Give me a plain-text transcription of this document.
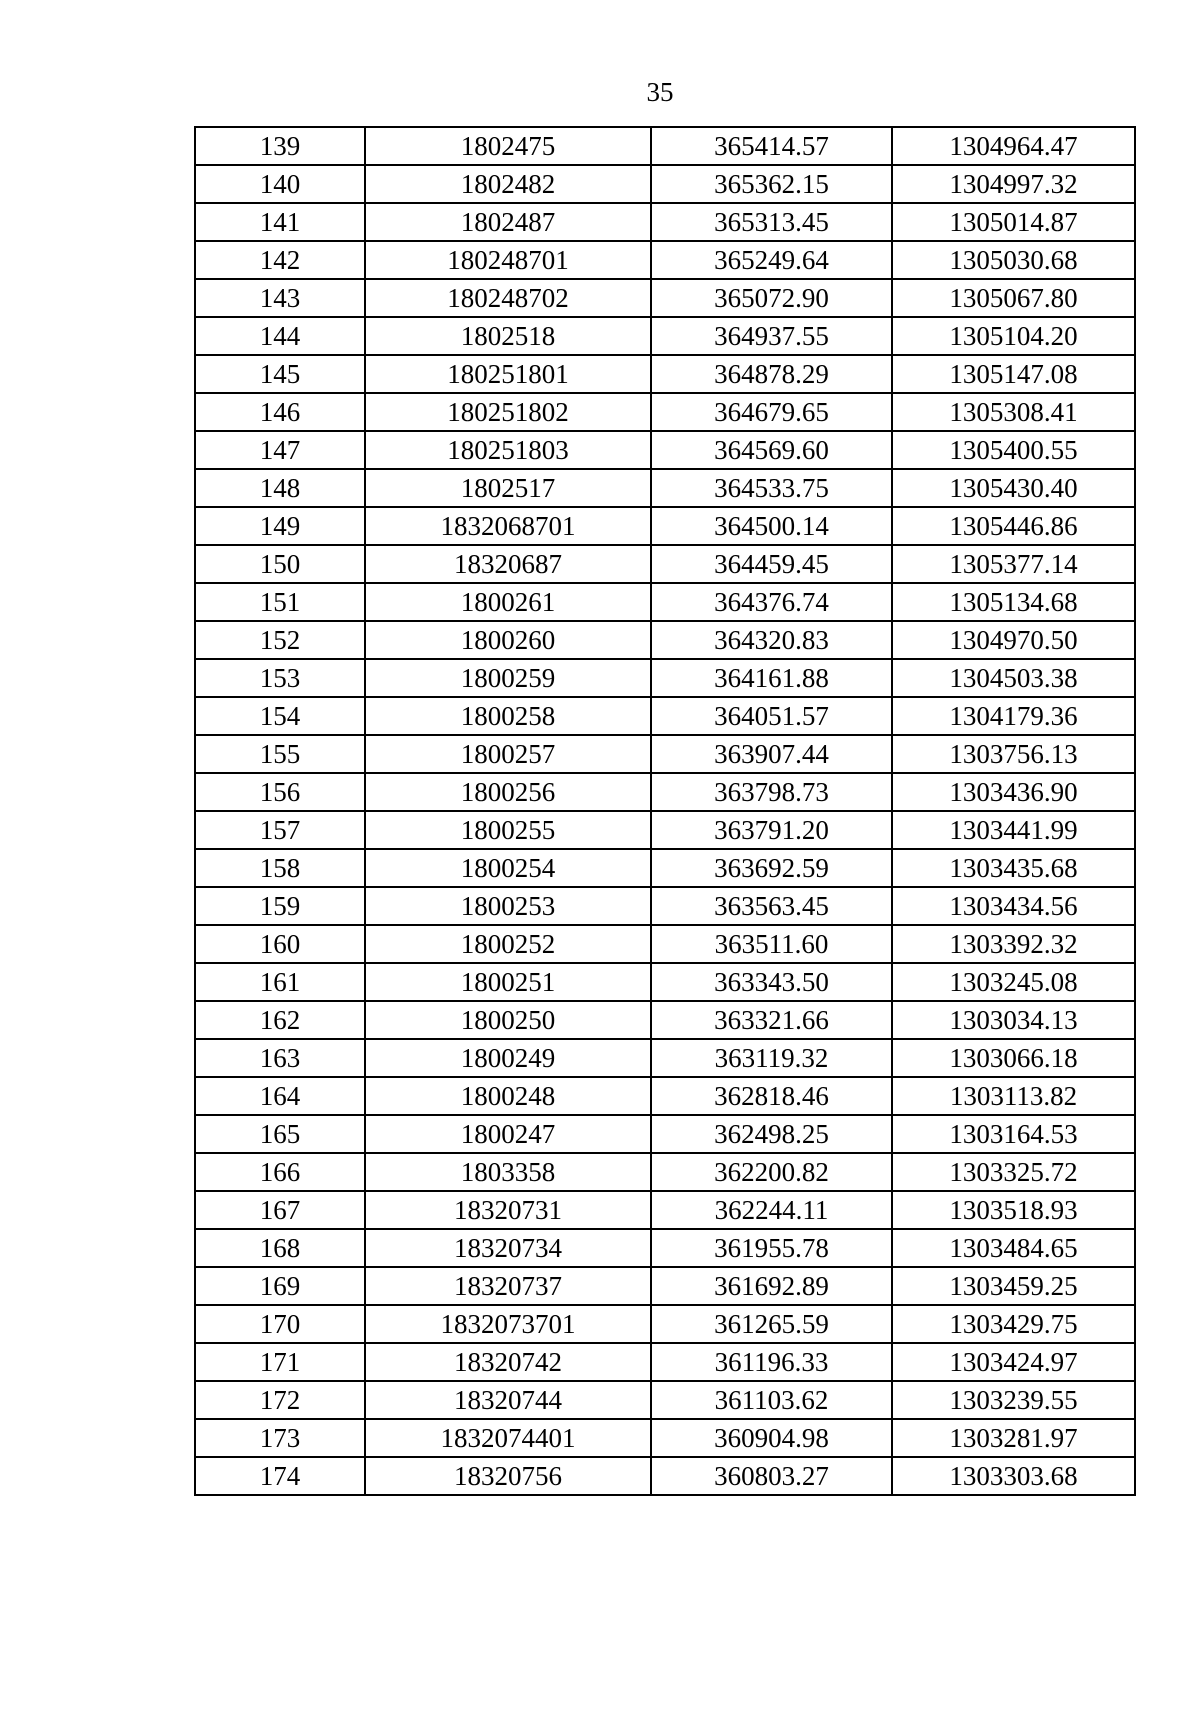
35
139	1802475	365414.57	1304964.47
140	1802482	365362.15	1304997.32
141	1802487	365313.45	1305014.87
142	180248701	365249.64	1305030.68
143	180248702	365072.90	1305067.80
144	1802518	364937.55	1305104.20
145	180251801	364878.29	1305147.08
146	180251802	364679.65	1305308.41
147	180251803	364569.60	1305400.55
148	1802517	364533.75	1305430.40
149	1832068701	364500.14	1305446.86
150	18320687	364459.45	1305377.14
151	1800261	364376.74	1305134.68
152	1800260	364320.83	1304970.50
153	1800259	364161.88	1304503.38
154	1800258	364051.57	1304179.36
155	1800257	363907.44	1303756.13
156	1800256	363798.73	1303436.90
157	1800255	363791.20	1303441.99
158	1800254	363692.59	1303435.68
159	1800253	363563.45	1303434.56
160	1800252	363511.60	1303392.32
161	1800251	363343.50	1303245.08
162	1800250	363321.66	1303034.13
163	1800249	363119.32	1303066.18
164	1800248	362818.46	1303113.82
165	1800247	362498.25	1303164.53
166	1803358	362200.82	1303325.72
167	18320731	362244.11	1303518.93
168	18320734	361955.78	1303484.65
169	18320737	361692.89	1303459.25
170	1832073701	361265.59	1303429.75
171	18320742	361196.33	1303424.97
172	18320744	361103.62	1303239.55
173	1832074401	360904.98	1303281.97
174	18320756	360803.27	1303303.68
